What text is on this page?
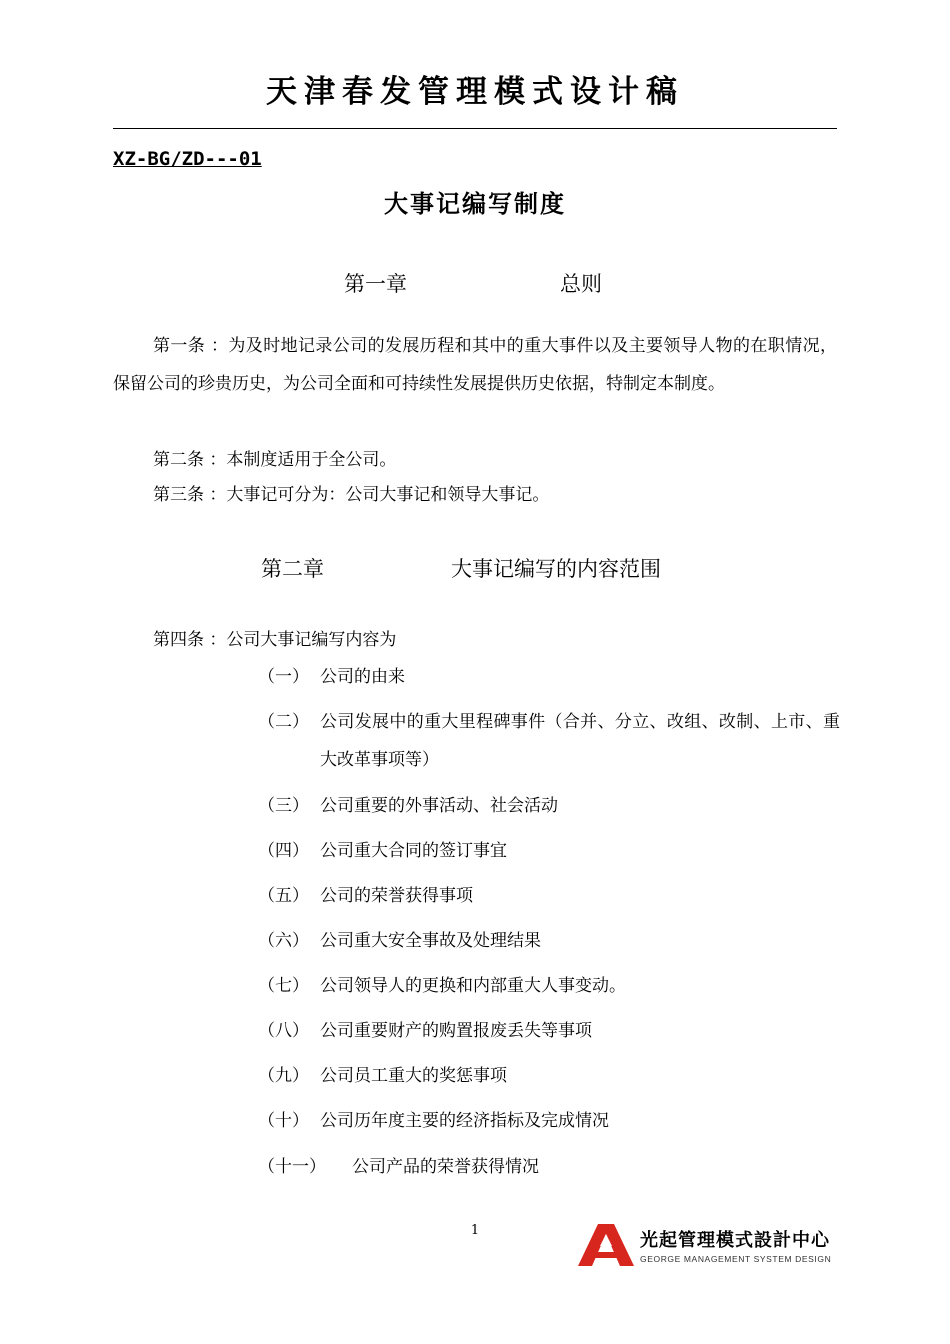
天津春发管理模式设计稿
XZ-BG/ZD---01
大事记编写制度
第一章	总则
第一条 ：为及时地记录公司的发展历程和其中的重大事件以及主要领导人物的在职情况，保留公司的珍贵历史，为公司全面和可持续性发展提供历史依据，特制定本制度。
第二条 ：本制度适用于全公司。
第三条 ：大事记可分为：公司大事记和领导大事记。
第二章	大事记编写的内容范围
第四条 ：公司大事记编写内容为
（一） 公司的由来
（二） 公司发展中的重大里程碑事件（合并、分立、改组、改制、上市、重大改革事项等）
（三） 公司重要的外事活动、社会活动
（四） 公司重大合同的签订事宜
（五） 公司的荣誉获得事项
（六） 公司重大安全事故及处理结果
（七） 公司领导人的更换和内部重大人事变动。
（八） 公司重要财产的购置报废丢失等事项
（九） 公司员工重大的奖惩事项
（十） 公司历年度主要的经济指标及完成情况
（十一） 公司产品的荣誉获得情况
1	光起管理模式設計中心
GEORGE MANAGEMENT SYSTEM DESIGN
